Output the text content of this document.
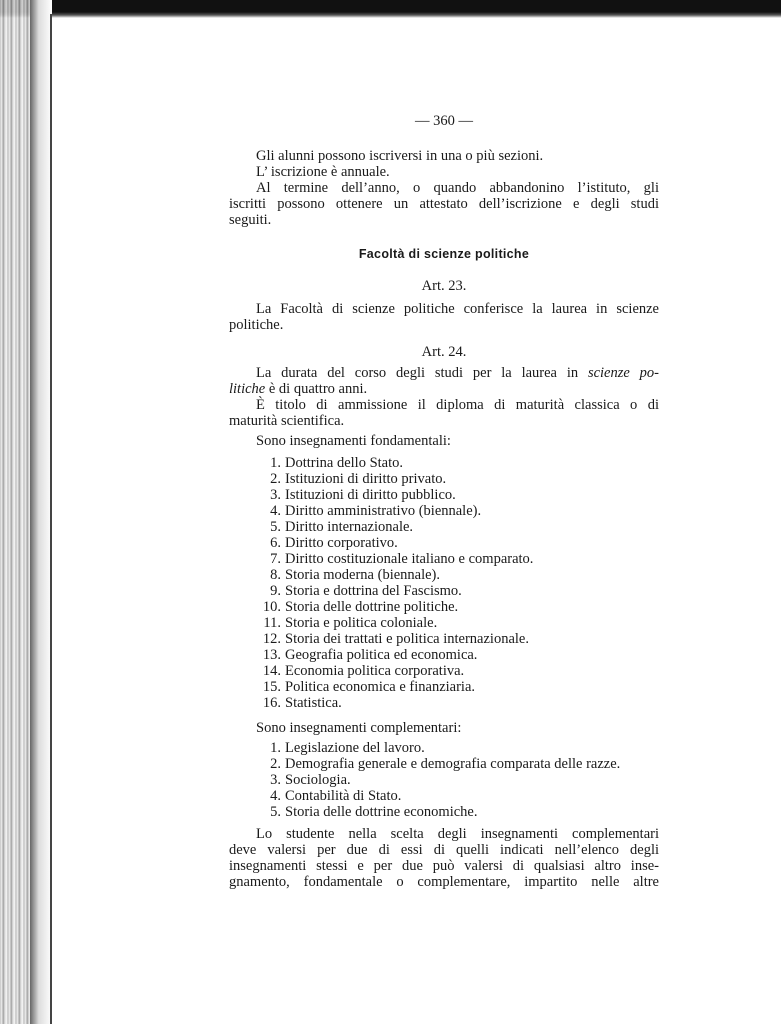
— 360 —
Gli alunni possono iscriversi in una o più sezioni.
L’ iscrizione è annuale.
Al termine dell’anno, o quando abbandonino l’istituto, gli
iscritti possono ottenere un attestato dell’iscrizione e degli studi
seguiti.
Facoltà di scienze politiche
Art. 23.
La Facoltà di scienze politiche conferisce la laurea in scienze
politiche.
Art. 24.
La durata del corso degli studi per la laurea in scienze po-
litiche è di quattro anni.
È titolo di ammissione il diploma di maturità classica o di
maturità scientifica.
Sono insegnamenti fondamentali:
1. Dottrina dello Stato.
2. Istituzioni di diritto privato.
3. Istituzioni di diritto pubblico.
4. Diritto amministrativo (biennale).
5. Diritto internazionale.
6. Diritto corporativo.
7. Diritto costituzionale italiano e comparato.
8. Storia moderna (biennale).
9. Storia e dottrina del Fascismo.
10. Storia delle dottrine politiche.
11. Storia e politica coloniale.
12. Storia dei trattati e politica internazionale.
13. Geografia politica ed economica.
14. Economia politica corporativa.
15. Politica economica e finanziaria.
16. Statistica.
Sono insegnamenti complementari:
1. Legislazione del lavoro.
2. Demografia generale e demografia comparata delle razze.
3. Sociologia.
4. Contabilità di Stato.
5. Storia delle dottrine economiche.
Lo studente nella scelta degli insegnamenti complementari
deve valersi per due di essi di quelli indicati nell’elenco degli
insegnamenti stessi e per due può valersi di qualsiasi altro inse-
gnamento, fondamentale o complementare, impartito nelle altre
